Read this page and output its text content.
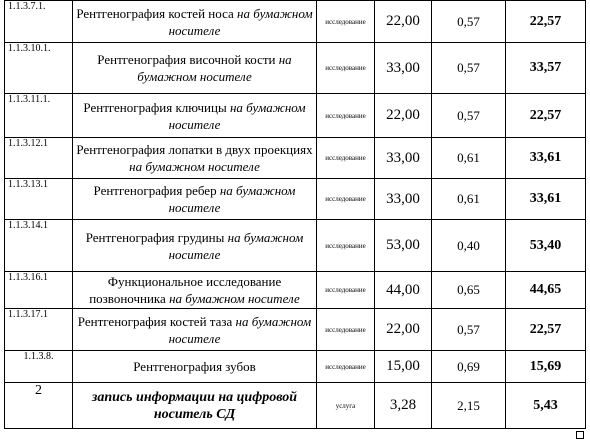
1.1.3.7.1.	Рентгенография костей носа на бумажном носителе	исследование	22,00	0,57	22,57
1.1.3.10.1.	Рентгенография височной кости на бумажном носителе	исследование	33,00	0,57	33,57
1.1.3.11.1.	Рентгенография ключицы на бумажном носителе	исследование	22,00	0,57	22,57
1.1.3.12.1	Рентгенография лопатки в двух проекциях на бумажном носителе	исследование	33,00	0,61	33,61
1.1.3.13.1	Рентгенография ребер на бумажном носителе	исследование	33,00	0,61	33,61
1.1.3.14.1	Рентгенография грудины на бумажном носителе	исследование	53,00	0,40	53,40
1.1.3.16.1	Функциональное исследование позвоночника на бумажном носителе	исследование	44,00	0,65	44,65
1.1.3.17.1	Рентгенография костей таза на бумажном носителе	исследование	22,00	0,57	22,57
1.1.3.8.	Рентгенография зубов	исследование	15,00	0,69	15,69
2	запись информации на цифровой носитель СД	услуга	3,28	2,15	5,43
